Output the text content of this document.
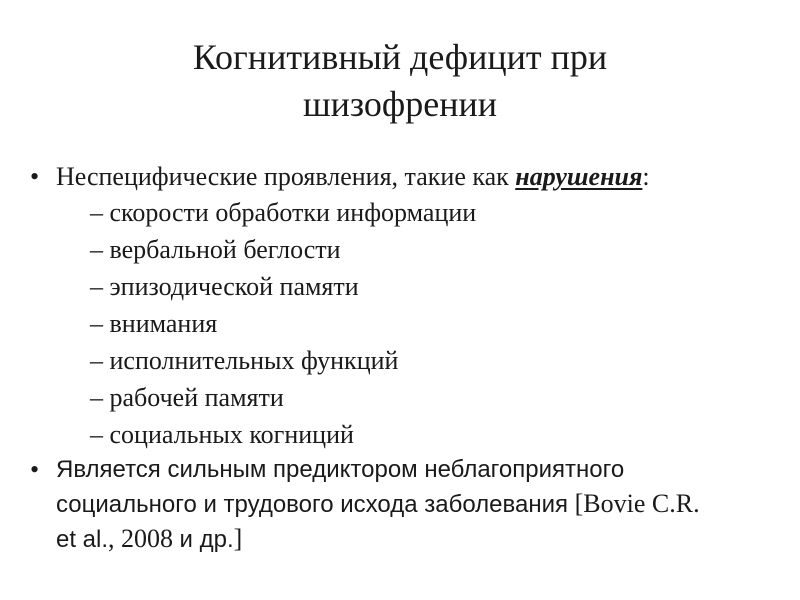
Когнитивный дефицит при
шизофрении
• Неспецифические проявления, такие как нарушения:
– скорости обработки информации
– вербальной беглости
– эпизодической памяти
– внимания
– исполнительных функций
– рабочей памяти
– социальных когниций
• Является сильным предиктором неблагоприятного
социального и трудового исхода заболевания [Bovie C.R.
et al., 2008 и др.]
